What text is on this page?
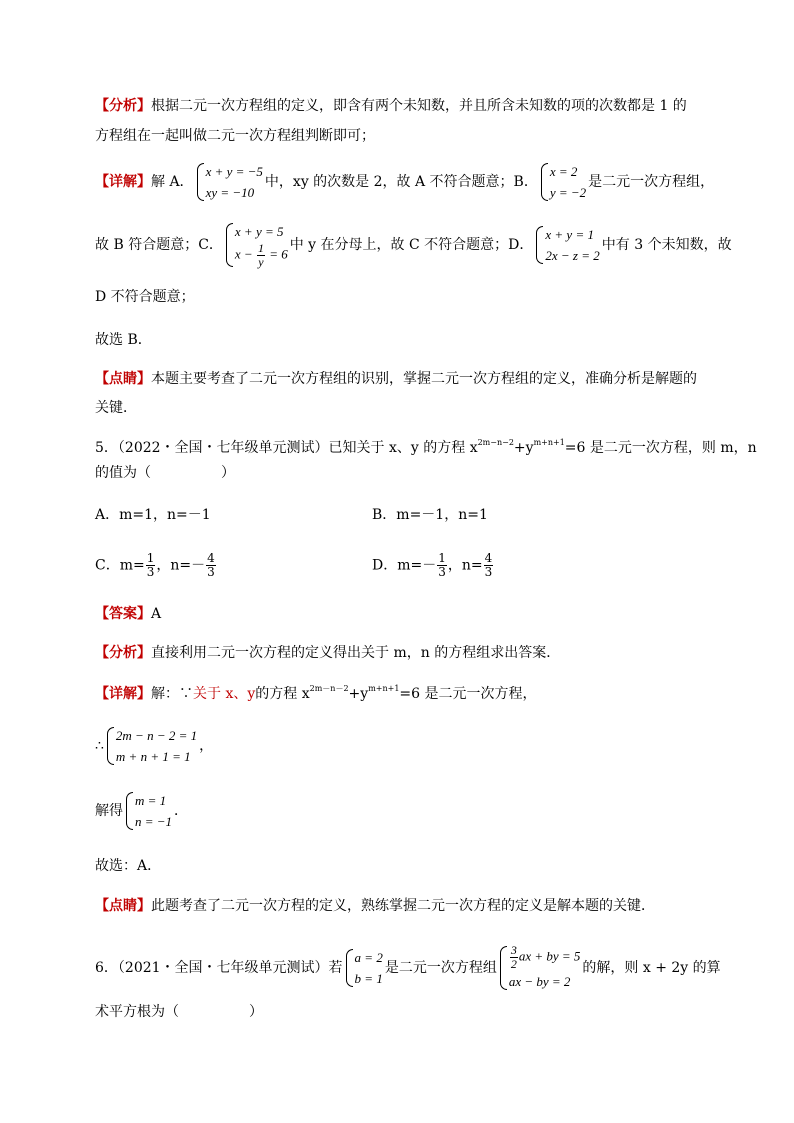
【分析】根据二元一次方程组的定义，即含有两个未知数，并且所含未知数的项的次数都是 1 的
方程组在一起叫做二元一次方程组判断即可；
【详解】解 A．
x + y = −5
xy = −10
中，xy 的次数是 2，故 A 不符合题意；B．
x = 2
y = −2
是二元一次方程组，
故 B 符合题意；C．
x + y = 5
$x - \frac{1}{y} = 6$
中 y 在分母上，故 C 不符合题意；D．
x + y = 1
2x − z = 2
中有 3 个未知数，故
D 不符合题意；
故选 B．
【点睛】本题主要考查了二元一次方程组的识别，掌握二元一次方程组的定义，准确分析是解题的
关键．
5．（2022・全国・七年级单元测试）已知关于 x、y 的方程 $x^{2m-n-2}+y^{m+n+1}=6$ 是二元一次方程，则 m，n
的值为（　　　　　）
A．m=1，n=－1	B．m=－1，n=1
C．$m= \frac{1}{3}$ ，$n=- \frac{4}{3}$	D．$m=- \frac{1}{3}$ ，$n= \frac{4}{3}$
【答案】A
【分析】直接利用二元一次方程的定义得出关于 m，n 的方程组求出答案．
【详解】解：∵关于 x、y的方程 $x^{2m-n-2}+y^{m+n+1}=6$ 是二元一次方程，
∴
2m − n − 2 = 1
m + n + 1 = 1
，
解得
m = 1
n = −1
．
故选：A．
【点睛】此题考查了二元一次方程的定义，熟练掌握二元一次方程的定义是解本题的关键．
6．（2021・全国・七年级单元测试）若
a = 2
b = 1
是二元一次方程组 $\frac{3}{2}$ ax + by = 5
ax − by = 2
的解，则 x + 2y 的算
术平方根为（　　　　　）
